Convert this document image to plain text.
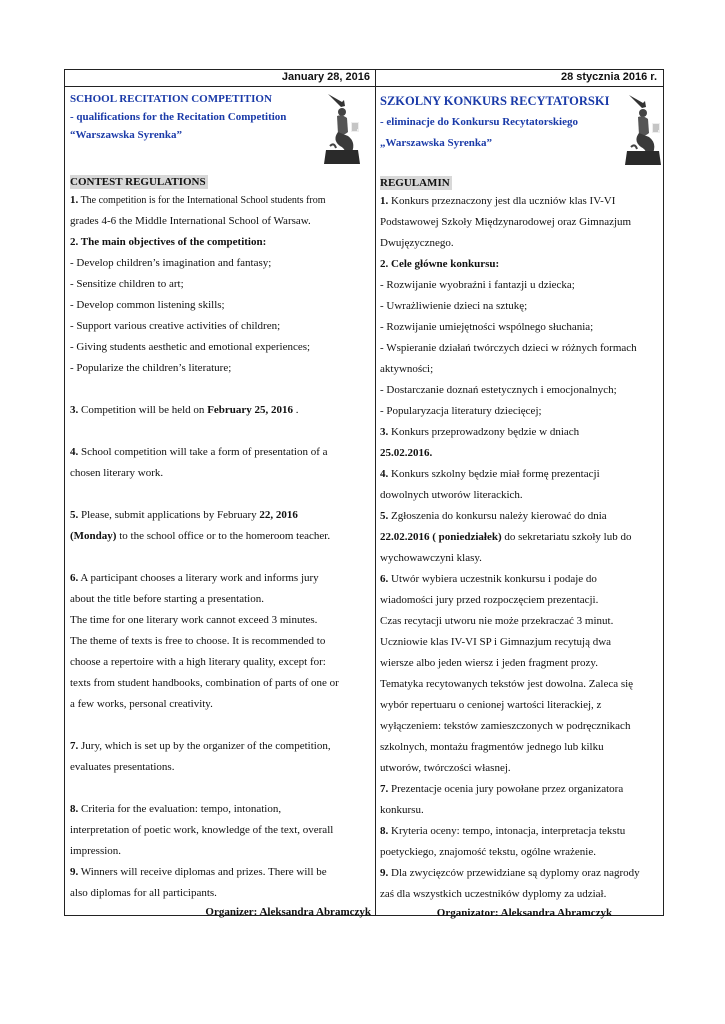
January 28, 2016
SCHOOL RECITATION COMPETITION
- qualifications for the Recitation Competition
“Warszawska Syrenka”
CONTEST REGULATIONS

1. The competition is for the International School students from

grades 4-6 the Middle International School of Warsaw.

2. The main objectives of the competition:

- Develop children’s imagination and fantasy;

- Sensitize children to art;

- Develop common listening skills;

- Support various creative activities of children;

- Giving students aesthetic and emotional experiences;

- Popularize the children’s literature;

3. Competition will be held on February 25, 2016 .

4. School competition will take a form of presentation of a

chosen literary work.

5. Please, submit applications by February 22, 2016

(Monday) to the school office or to the homeroom teacher.

6. A participant chooses a literary work and informs jury

about the title before starting a presentation.

The time for one literary work cannot exceed 3 minutes.

The theme of texts is free to choose. It is recommended to

choose a repertoire with a high literary quality, except for:

texts from student handbooks, combination of parts of one or

a few works, personal creativity.

7. Jury, which is set up by the organizer of the competition,

evaluates presentations.

8. Criteria for the evaluation: tempo, intonation,

interpretation of poetic work, knowledge of the text, overall

impression.

9. Winners will receive diplomas and prizes. There will be

also diplomas for all participants.

Organizer: Aleksandra Abramczyk
28 stycznia 2016 r.
SZKOLNY KONKURS RECYTATORSKI
- eliminacje do Konkursu Recytatorskiego
„Warszawska Syrenka”
REGULAMIN

1. Konkurs przeznaczony jest dla uczniów klas IV-VI

Podstawowej Szkoły Międzynarodowej oraz Gimnazjum

Dwujęzycznego.

2. Cele główne konkursu:

- Rozwijanie wyobraźni i fantazji u dziecka;

- Uwrażliwienie dzieci na sztukę;

- Rozwijanie umiejętności wspólnego słuchania;

- Wspieranie działań twórczych dzieci w różnych formach

aktywności;

- Dostarczanie doznań estetycznych i emocjonalnych;

- Popularyzacja literatury dziecięcej;

3. Konkurs przeprowadzony będzie w dniach

25.02.2016.

4. Konkurs szkolny będzie miał formę prezentacji

dowolnych utworów literackich.

5. Zgłoszenia do konkursu należy kierować do dnia

22.02.2016 ( poniedziałek) do sekretariatu szkoły lub do

wychowawczyni klasy.

6. Utwór wybiera uczestnik konkursu i podaje do

wiadomości jury przed rozpoczęciem prezentacji.

Czas recytacji utworu nie może przekraczać 3 minut.

Uczniowie klas IV-VI SP i Gimnazjum recytują dwa

wiersze albo jeden wiersz i jeden fragment prozy.

Tematyka recytowanych tekstów jest dowolna. Zaleca się

wybór repertuaru o cenionej wartości literackiej, z

wyłączeniem: tekstów zamieszczonych w podręcznikach

szkolnych, montażu fragmentów jednego lub kilku

utworów, twórczości własnej.

7. Prezentacje ocenia jury powołane przez organizatora

konkursu.

8. Kryteria oceny: tempo, intonacja, interpretacja tekstu

poetyckiego, znajomość tekstu, ogólne wrażenie.

9. Dla zwycięzców przewidziane są dyplomy oraz nagrody

zaś dla wszystkich uczestników dyplomy za udział.

Organizator: Aleksandra Abramczyk
